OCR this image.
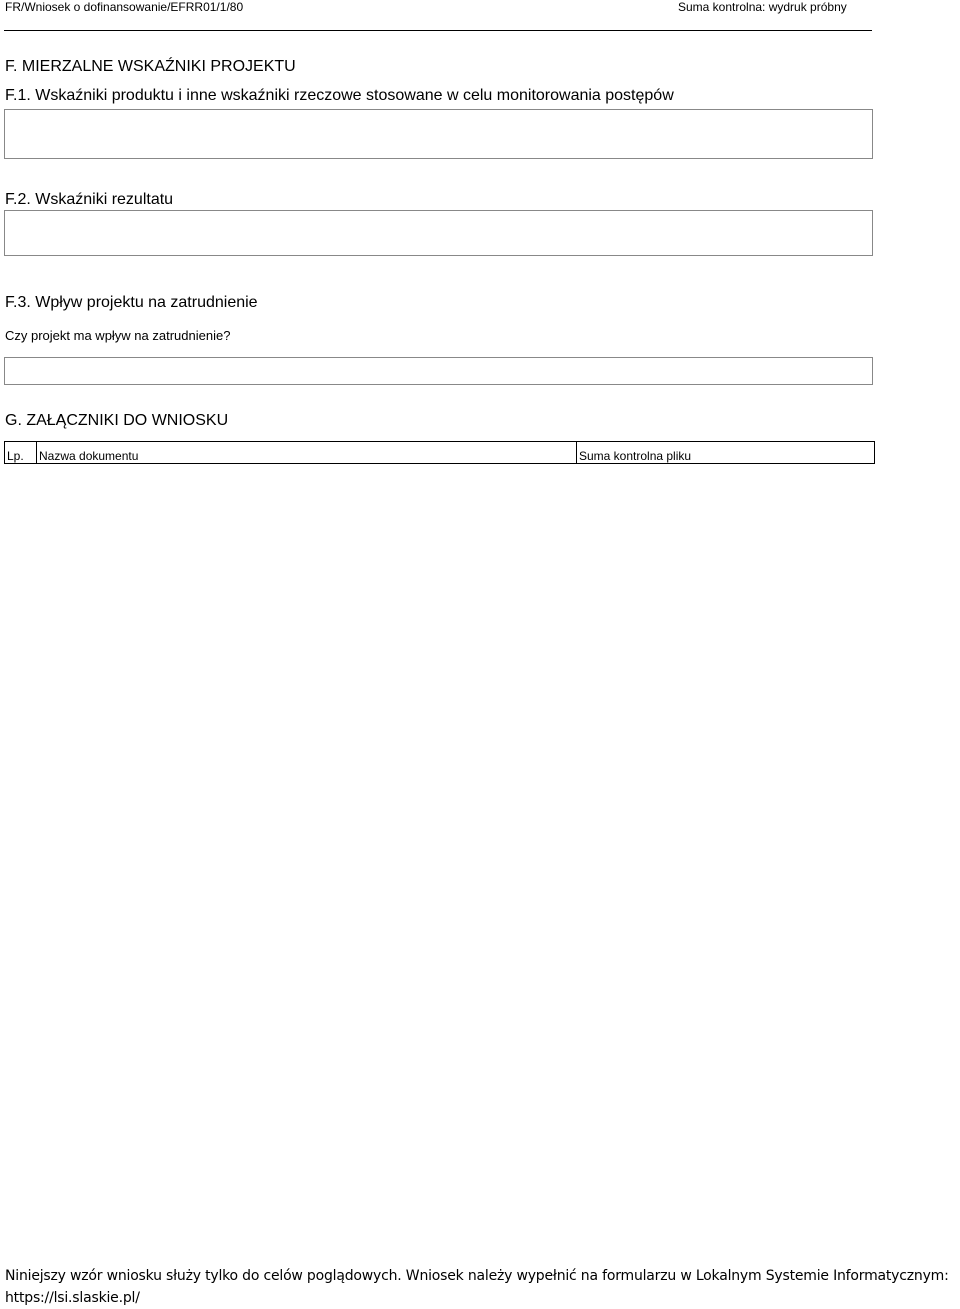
FR/Wniosek o dofinansowanie/EFRR01/1/80	Suma kontrolna: wydruk próbny
F. MIERZALNE WSKAŹNIKI PROJEKTU
F.1. Wskaźniki produktu i inne wskaźniki rzeczowe stosowane w celu monitorowania postępów
F.2. Wskaźniki rezultatu
F.3. Wpływ projektu na zatrudnienie
Czy projekt ma wpływ na zatrudnienie?
G. ZAŁĄCZNIKI DO WNIOSKU
Lp.	Nazwa dokumentu	Suma kontrolna pliku
Niniejszy wzór wniosku służy tylko do celów poglądowych. Wniosek należy wypełnić na formularzu w Lokalnym Systemie Informatycznym:
https://lsi.slaskie.pl/
